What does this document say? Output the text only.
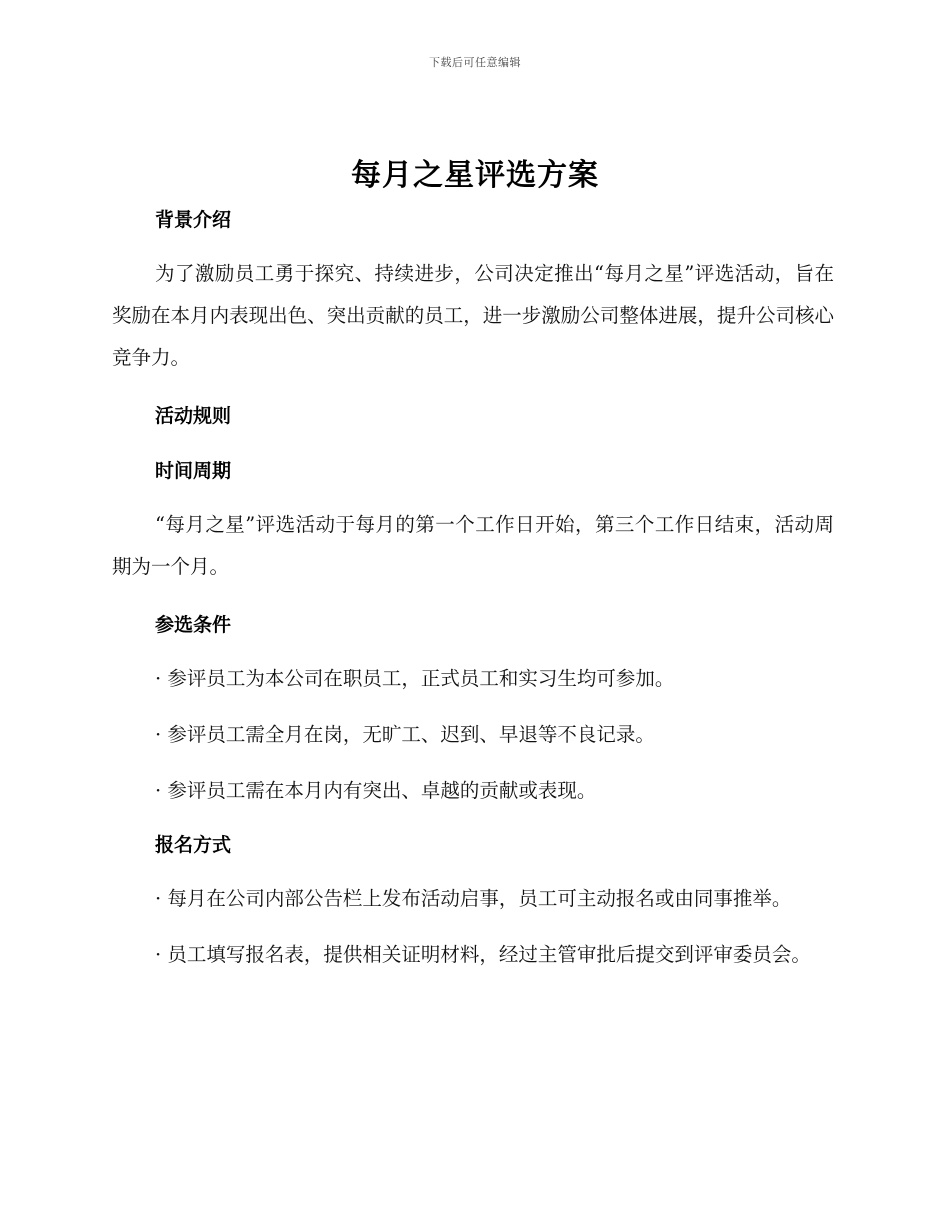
下载后可任意编辑
每月之星评选方案

背景介绍

为了激励员工勇于探究、持续进步，公司决定推出“每月之星”评选活动，旨在奖励在本月内表现出色、突出贡献的员工，进一步激励公司整体进展，提升公司核心竞争力。

活动规则

时间周期

“每月之星”评选活动于每月的第一个工作日开始，第三个工作日结束，活动周期为一个月。

参选条件

· 参评员工为本公司在职员工，正式员工和实习生均可参加。

· 参评员工需全月在岗，无旷工、迟到、早退等不良记录。

· 参评员工需在本月内有突出、卓越的贡献或表现。

报名方式

· 每月在公司内部公告栏上发布活动启事，员工可主动报名或由同事推举。

· 员工填写报名表，提供相关证明材料，经过主管审批后提交到评审委员会。
